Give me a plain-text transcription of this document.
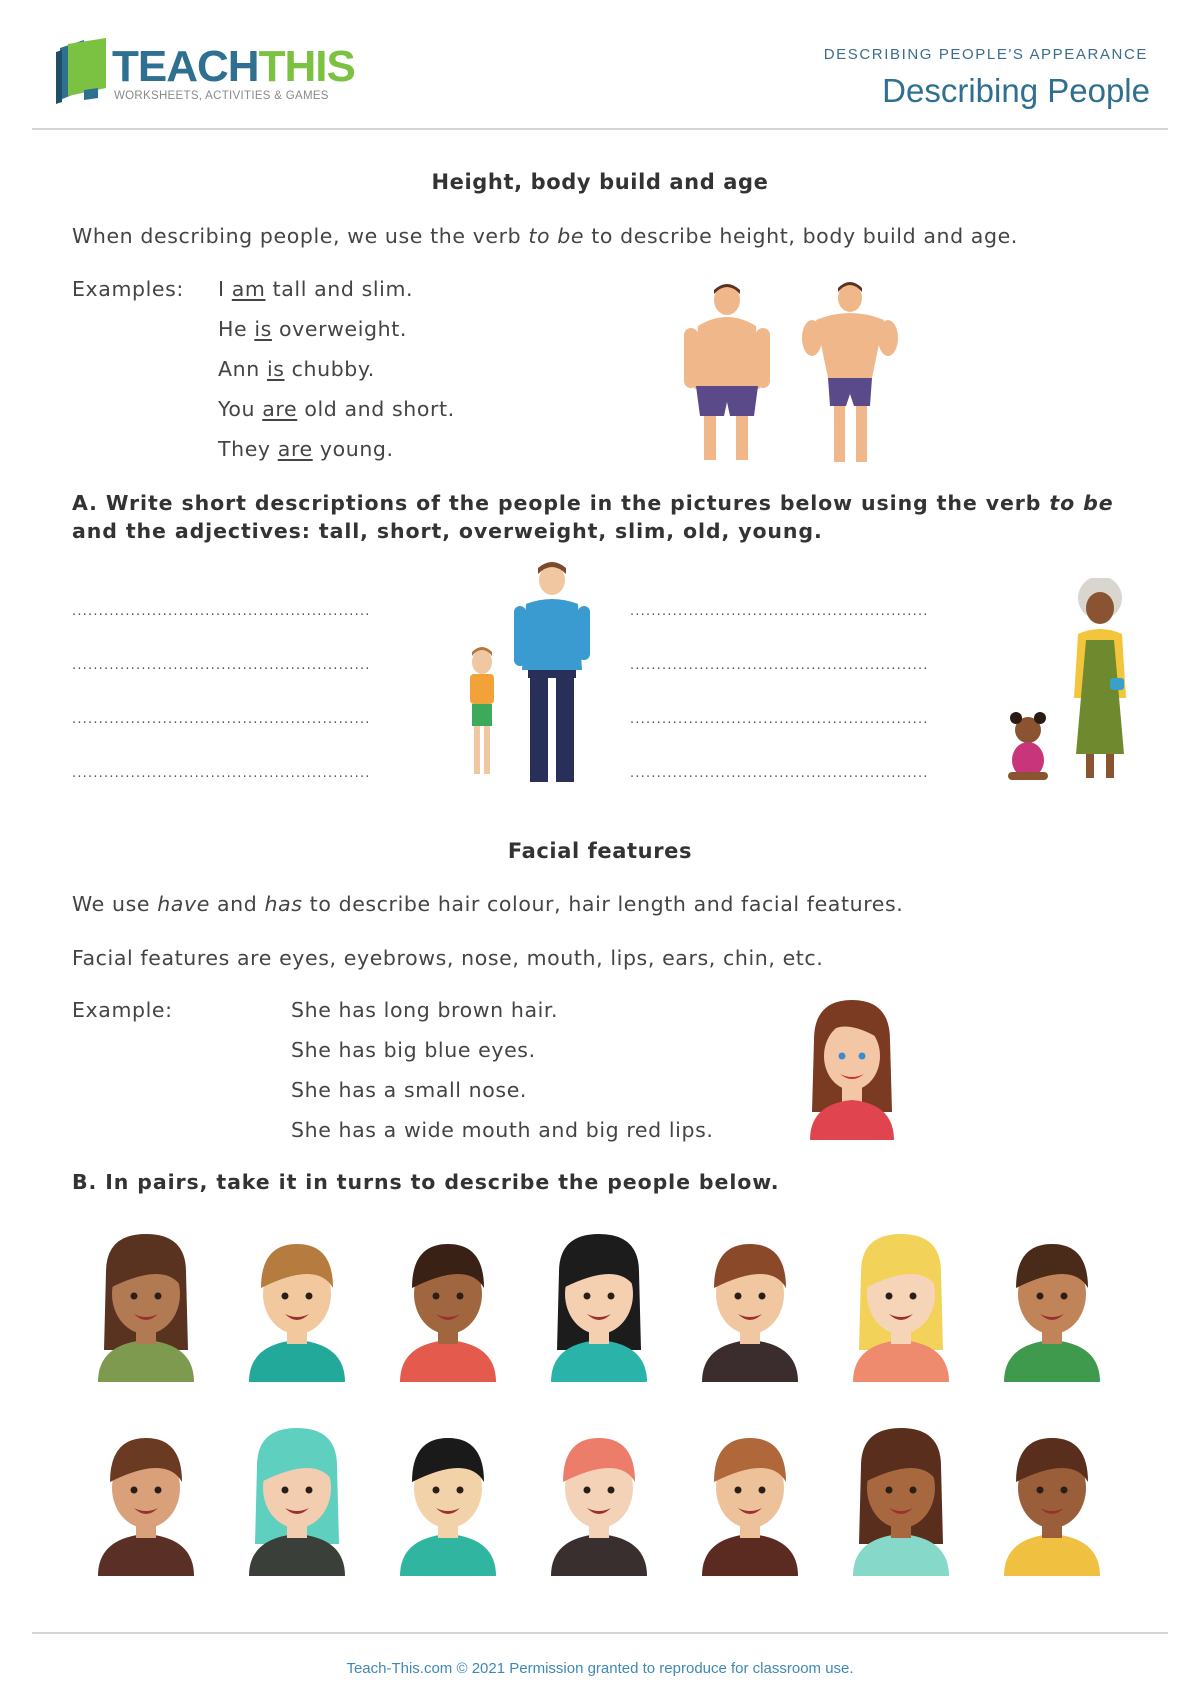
TEACHTHIS
WORKSHEETS, ACTIVITIES & GAMES
DESCRIBING PEOPLE'S APPEARANCE
Describing People
Height, body build and age
When describing people, we use the verb to be to describe height, body build and age.
Examples: I am tall and slim.
He is overweight.
Ann is chubby.
You are old and short.
They are young.
A. Write short descriptions of the people in the pictures below using the verb to be
and the adjectives: tall, short, overweight, slim, old, young.
........................................................
........................................................
........................................................
........................................................
........................................................
........................................................
........................................................
........................................................
Facial features
We use have and has to describe hair colour, hair length and facial features.
Facial features are eyes, eyebrows, nose, mouth, lips, ears, chin, etc.
Example:	She has long brown hair.
She has big blue eyes.
She has a small nose.
She has a wide mouth and big red lips.
B. In pairs, take it in turns to describe the people below.
Teach-This.com © 2021 Permission granted to reproduce for classroom use.
